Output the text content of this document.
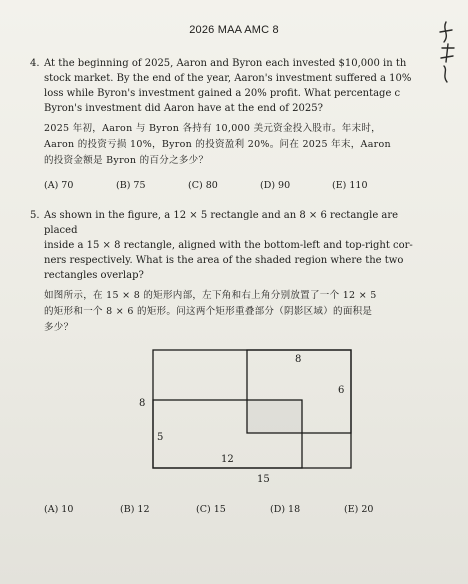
2026 MAA AMC 8
4. At the beginning of 2025, Aaron and Byron each invested $10,000 in th
stock market. By the end of the year, Aaron's investment suffered a 10%
loss while Byron's investment gained a 20% profit. What percentage c
Byron's investment did Aaron have at the end of 2025?
2025 年初，Aaron 与 Byron 各持有 10,000 美元资金投入股市。年末时，
Aaron 的投资亏损 10%，Byron 的投资盈利 20%。问在 2025 年末，Aaron
的投资金额是 Byron 的百分之多少？
(A) 70	(B) 75	(C) 80	(D) 90	(E) 110
5. As shown in the figure, a 12 × 5 rectangle and an 8 × 6 rectangle are placed
inside a 15 × 8 rectangle, aligned with the bottom-left and top-right cor-
ners respectively. What is the area of the shaded region where the two
rectangles overlap?
如图所示，在 15 × 8 的矩形内部，左下角和右上角分别放置了一个 12 × 5
的矩形和一个 8 × 6 的矩形。问这两个矩形重叠部分（阴影区域）的面积是
多少？
8
6
8
5
12
15
(A) 10	(B) 12	(C) 15	(D) 18	(E) 20
